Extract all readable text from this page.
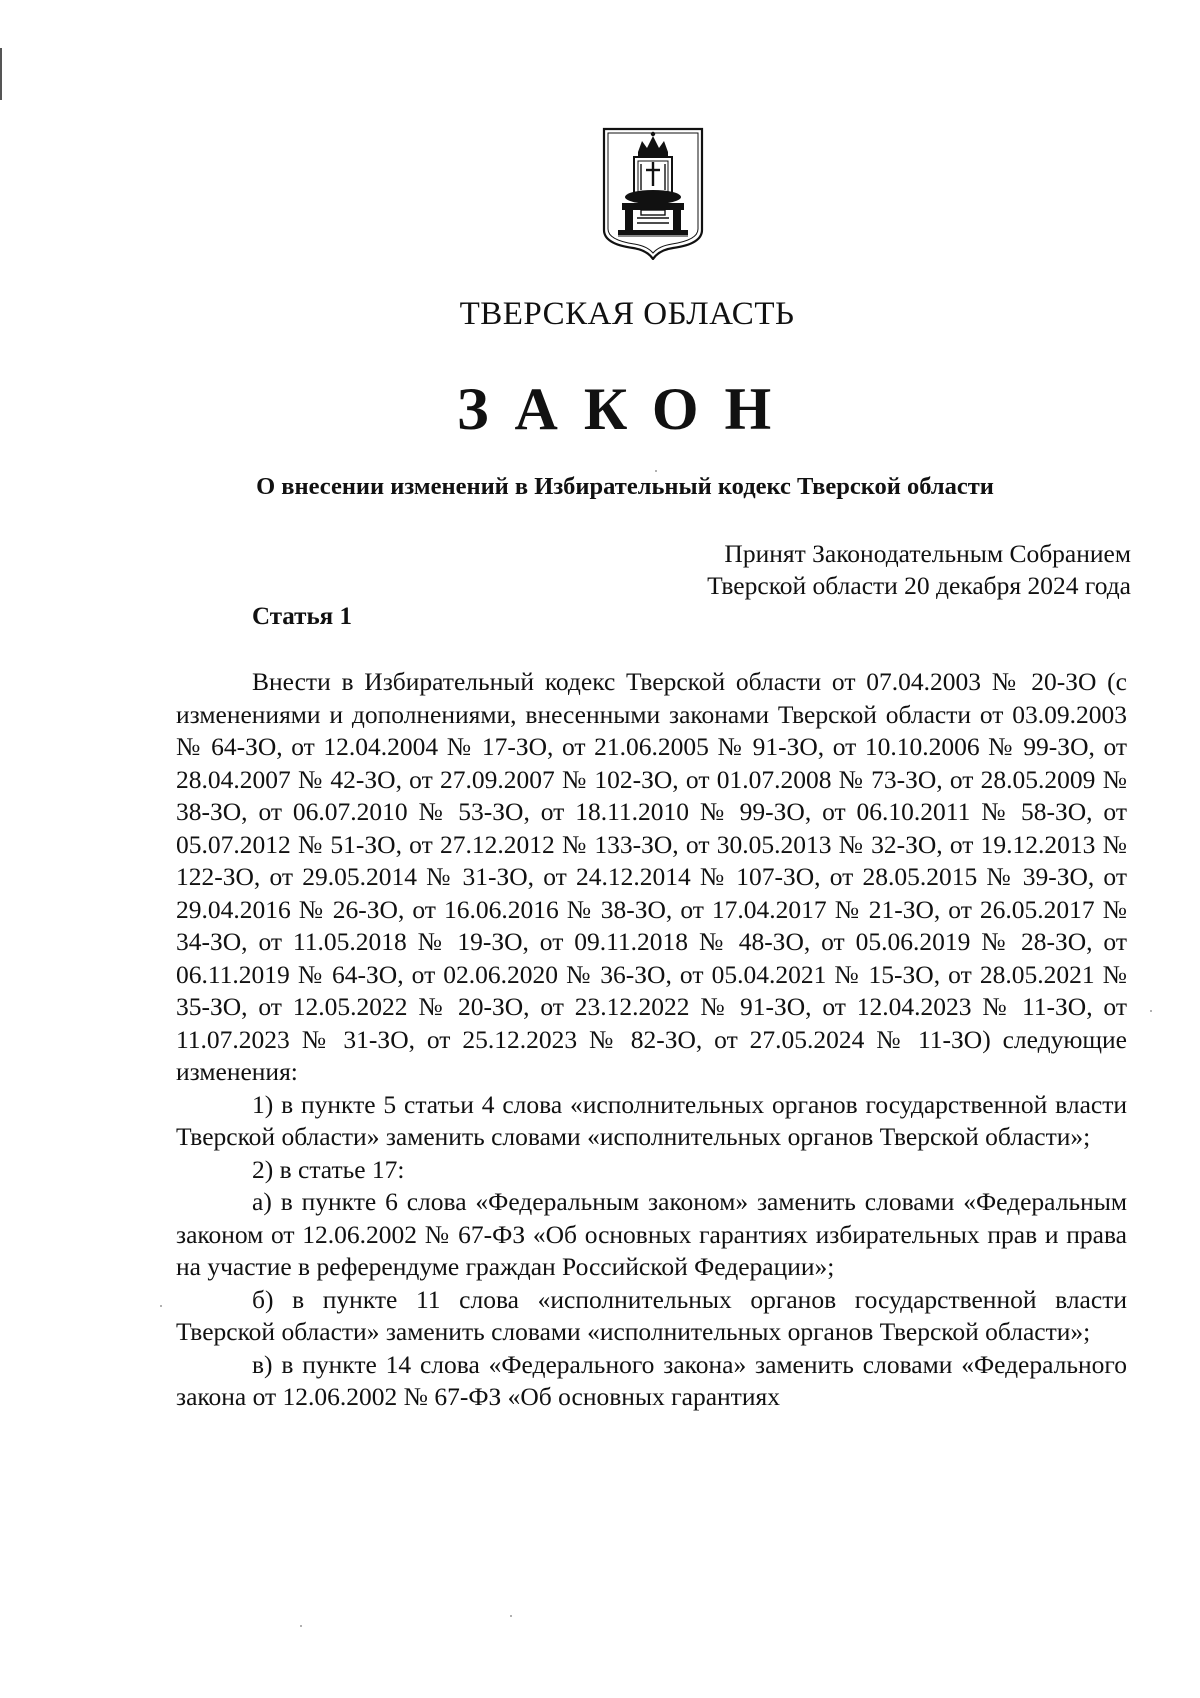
ТВЕРСКАЯ ОБЛАСТЬ
ЗАКОН
О внесении изменений в Избирательный кодекс Тверской области
Принят Законодательным Собранием
Тверской области 20 декабря 2024 года
Статья 1

Внести в Избирательный кодекс Тверской области от 07.04.2003 № 20-ЗО (с изменениями и дополнениями, внесенными законами Тверской области от 03.09.2003 № 64-ЗО, от 12.04.2004 № 17-ЗО, от 21.06.2005 № 91-ЗО, от 10.10.2006 № 99-ЗО, от 28.04.2007 № 42-ЗО, от 27.09.2007 № 102-ЗО, от 01.07.2008 № 73-ЗО, от 28.05.2009 № 38-ЗО, от 06.07.2010 № 53-ЗО, от 18.11.2010 № 99-ЗО, от 06.10.2011 № 58-ЗО, от 05.07.2012 № 51-ЗО, от 27.12.2012 № 133-ЗО, от 30.05.2013 № 32-ЗО, от 19.12.2013 № 122-ЗО, от 29.05.2014 № 31-ЗО, от 24.12.2014 № 107-ЗО, от 28.05.2015 № 39-ЗО, от 29.04.2016 № 26-ЗО, от 16.06.2016 № 38-ЗО, от 17.04.2017 № 21-ЗО, от 26.05.2017 № 34-ЗО, от 11.05.2018 № 19-ЗО, от 09.11.2018 № 48-ЗО, от 05.06.2019 № 28-ЗО, от 06.11.2019 № 64-ЗО, от 02.06.2020 № 36-ЗО, от 05.04.2021 № 15-ЗО, от 28.05.2021 № 35-ЗО, от 12.05.2022 № 20-ЗО, от 23.12.2022 № 91-ЗО, от 12.04.2023 № 11-ЗО, от 11.07.2023 № 31-ЗО, от 25.12.2023 № 82-ЗО, от 27.05.2024 № 11-ЗО) следующие изменения:

1) в пункте 5 статьи 4 слова «исполнительных органов государственной власти Тверской области» заменить словами «исполнительных органов Тверской области»;

2) в статье 17:

а) в пункте 6 слова «Федеральным законом» заменить словами «Федеральным законом от 12.06.2002 № 67-ФЗ «Об основных гарантиях избирательных прав и права на участие в референдуме граждан Российской Федерации»;

б) в пункте 11 слова «исполнительных органов государственной власти Тверской области» заменить словами «исполнительных органов Тверской области»;

в) в пункте 14 слова «Федерального закона» заменить словами «Федерального закона от 12.06.2002 № 67-ФЗ «Об основных гарантиях
